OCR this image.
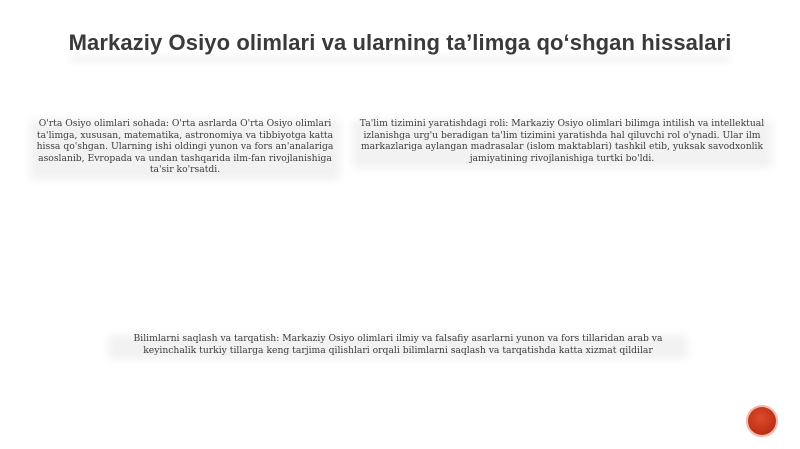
Markaziy Osiyo olimlari va ularning ta’limga qo‘shgan hissalari

O'rta Osiyo olimlari sohada: O'rta asrlarda O'rta Osiyo olimlari ta'limga, xususan, matematika, astronomiya va tibbiyotga katta hissa qo'shgan. Ularning ishi oldingi yunon va fors an'analariga asoslanib, Evropada va undan tashqarida ilm-fan rivojlanishiga ta'sir ko'rsatdi.

Ta'lim tizimini yaratishdagi roli: Markaziy Osiyo olimlari bilimga intilish va intellektual izlanishga urg'u beradigan ta'lim tizimini yaratishda hal qiluvchi rol o'ynadi. Ular ilm markazlariga aylangan madrasalar (islom maktablari) tashkil etib, yuksak savodxonlik jamiyatining rivojlanishiga turtki bo'ldi.

Bilimlarni saqlash va tarqatish: Markaziy Osiyo olimlari ilmiy va falsafiy asarlarni yunon va fors tillaridan arab va keyinchalik turkiy tillarga keng tarjima qilishlari orqali bilimlarni saqlash va tarqatishda katta xizmat qildilar
